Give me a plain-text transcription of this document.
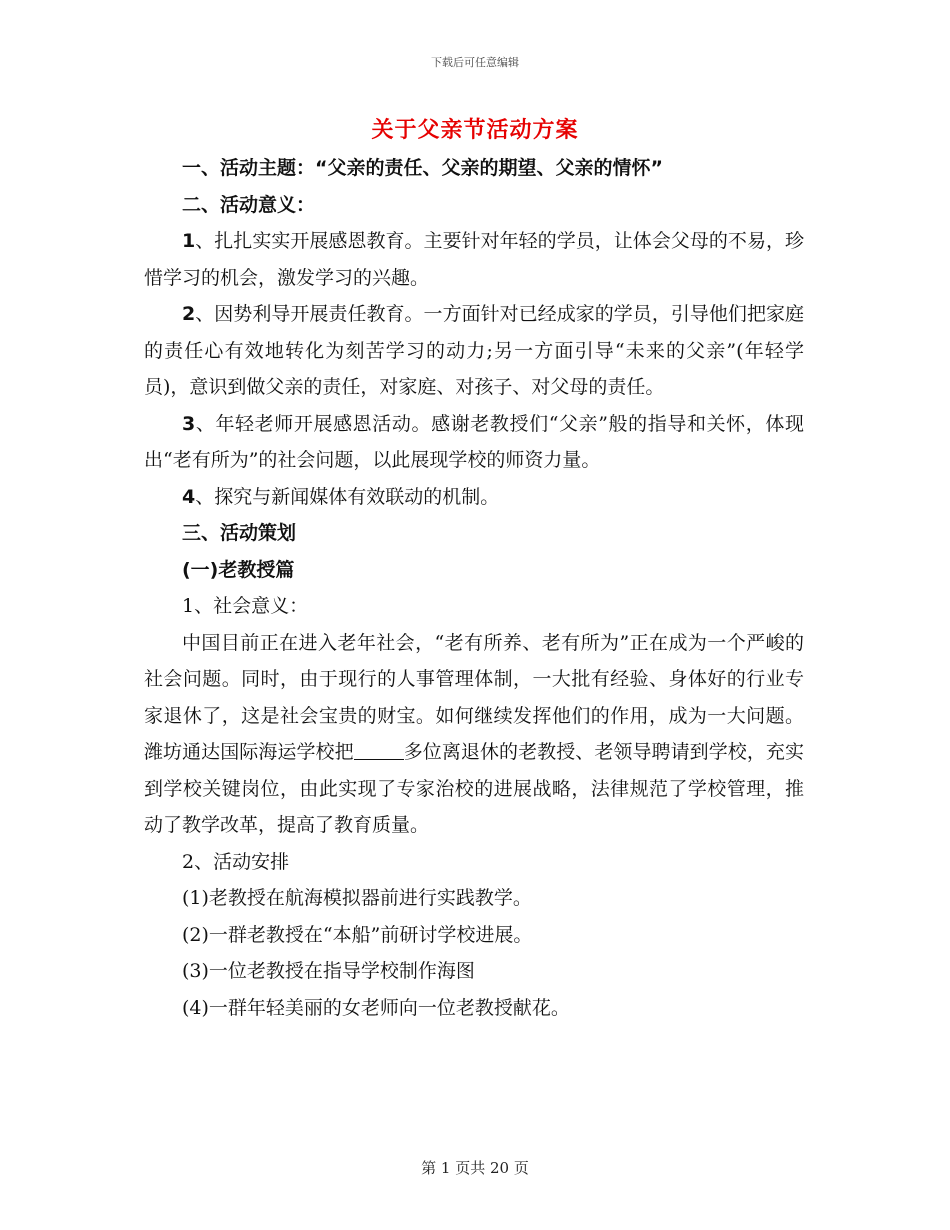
下载后可任意编辑
关于父亲节活动方案

一、活动主题：“父亲的责任、父亲的期望、父亲的情怀”

二、活动意义：

1、扎扎实实开展感恩教育。主要针对年轻的学员，让体会父母的不易，珍惜学习的机会，激发学习的兴趣。

2、因势利导开展责任教育。一方面针对已经成家的学员，引导他们把家庭的责任心有效地转化为刻苦学习的动力;另一方面引导“未来的父亲”(年轻学员)，意识到做父亲的责任，对家庭、对孩子、对父母的责任。

3、年轻老师开展感恩活动。感谢老教授们“父亲”般的指导和关怀，体现出“老有所为”的社会问题，以此展现学校的师资力量。

4、探究与新闻媒体有效联动的机制。

三、活动策划

(一)老教授篇

1、社会意义：

中国目前正在进入老年社会，“老有所养、老有所为”正在成为一个严峻的社会问题。同时，由于现行的人事管理体制，一大批有经验、身体好的行业专家退休了，这是社会宝贵的财宝。如何继续发挥他们的作用，成为一大问题。潍坊通达国际海运学校把	多位离退休的老教授、老领导聘请到学校，充实到学校关键岗位，由此实现了专家治校的进展战略，法律规范了学校管理，推动了教学改革，提高了教育质量。

2、活动安排

(1)老教授在航海模拟器前进行实践教学。

(2)一群老教授在“本船”前研讨学校进展。

(3)一位老教授在指导学校制作海图

(4)一群年轻美丽的女老师向一位老教授献花。

第 1 页共 20 页
